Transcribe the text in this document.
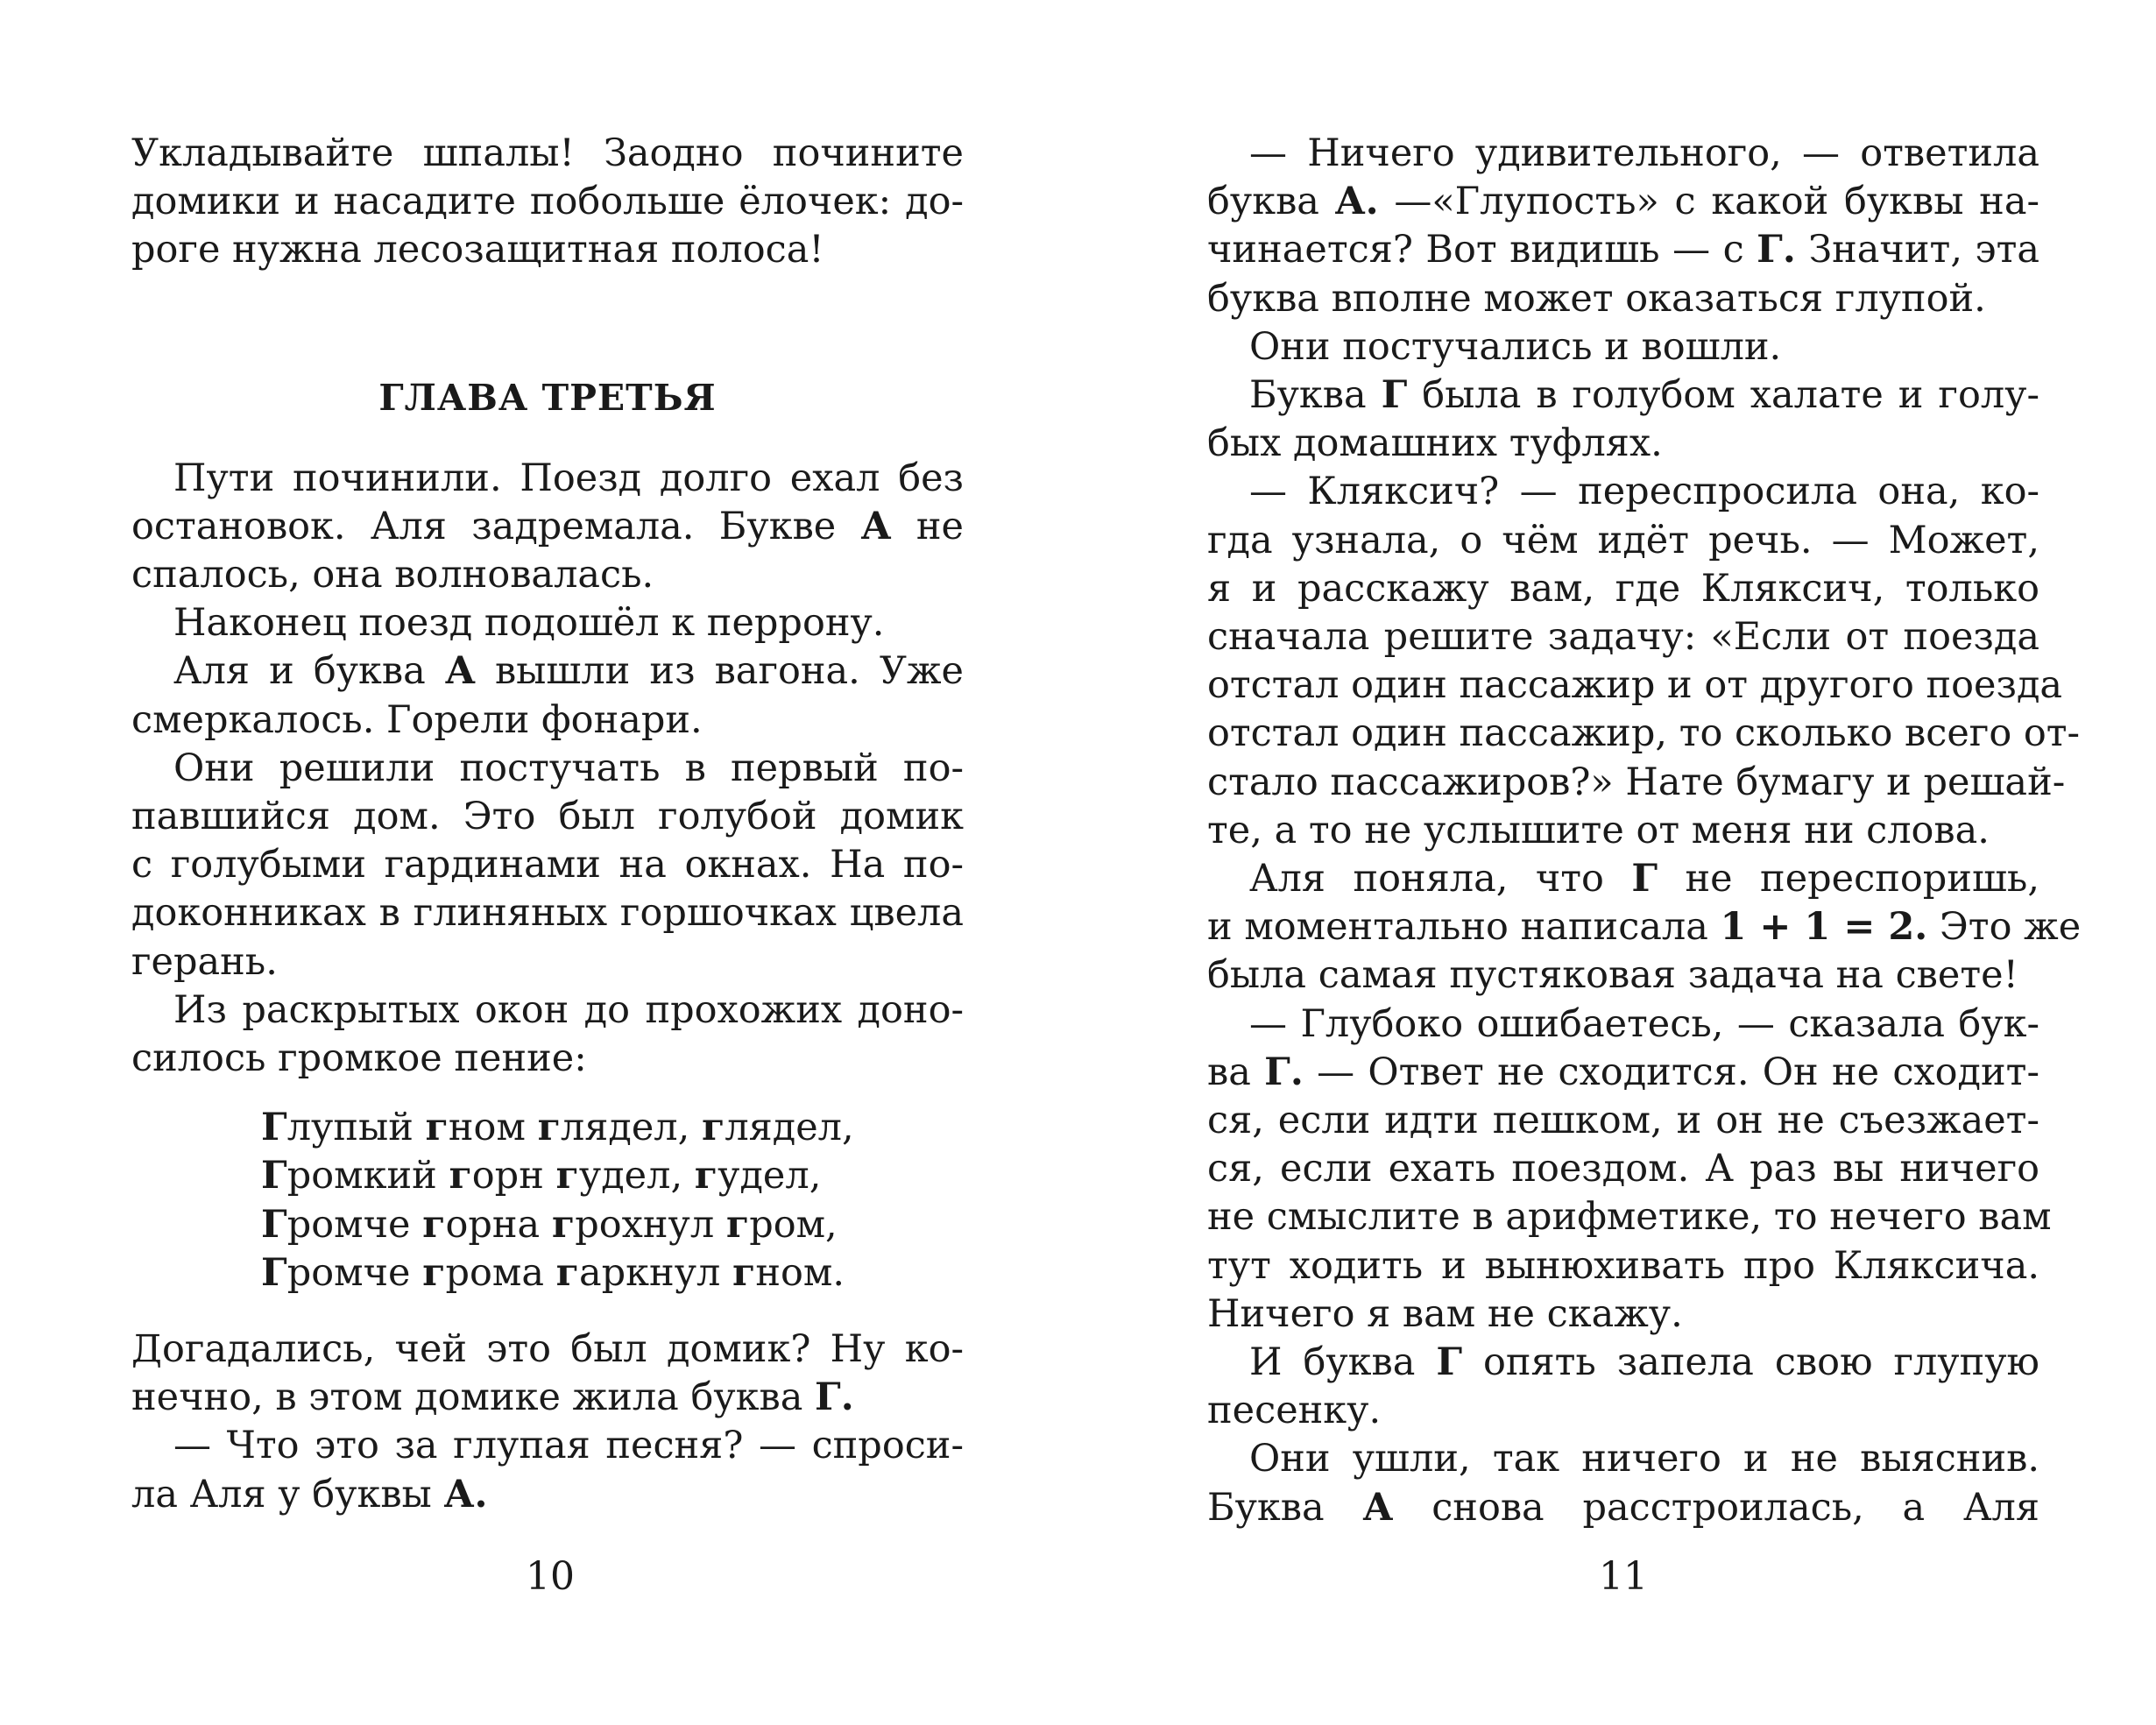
Укладывайте шпалы! Заодно почините
домики и насадите побольше ёлочек: до-
роге нужна лесозащитная полоса!
ГЛАВА ТРЕТЬЯ
Пути починили. Поезд долго ехал без
остановок. Аля задремала. Букве А не
спалось, она волновалась.
Наконец поезд подошёл к перрону.
Аля и буква А вышли из вагона. Уже
смеркалось. Горели фонари.
Они решили постучать в первый по-
павшийся дом. Это был голубой домик
с голубыми гардинами на окнах. На по-
доконниках в глиняных горшочках цвела
герань.
Из раскрытых окон до прохожих доно-
силось громкое пение:
Глупый гном глядел, глядел,
Громкий горн гудел, гудел,
Громче горна грохнул гром,
Громче грома гаркнул гном.
Догадались, чей это был домик? Ну ко-
нечно, в этом домике жила буква Г.
— Что это за глупая песня? — спроси-
ла Аля у буквы А.
10
— Ничего удивительного, — ответила
буква А. —«Глупость» с какой буквы на-
чинается? Вот видишь — с Г. Значит, эта
буква вполне может оказаться глупой.
Они постучались и вошли.
Буква Г была в голубом халате и голу-
бых домашних туфлях.
— Кляксич? — переспросила она, ко-
гда узнала, о чём идёт речь. — Может,
я и расскажу вам, где Кляксич, только
сначала решите задачу: «Если от поезда
отстал один пассажир и от другого поезда
отстал один пассажир, то сколько всего от-
стало пассажиров?» Нате бумагу и решай-
те, а то не услышите от меня ни слова.
Аля поняла, что Г не переспоришь,
и моментально написала 1 + 1 = 2. Это же
была самая пустяковая задача на свете!
— Глубоко ошибаетесь, — сказала бук-
ва Г. — Ответ не сходится. Он не сходит-
ся, если идти пешком, и он не съезжает-
ся, если ехать поездом. А раз вы ничего
не смыслите в арифметике, то нечего вам
тут ходить и вынюхивать про Кляксича.
Ничего я вам не скажу.
И буква Г опять запела свою глупую
песенку.
Они ушли, так ничего и не выяснив.
Буква А снова расстроилась, а Аля
11
